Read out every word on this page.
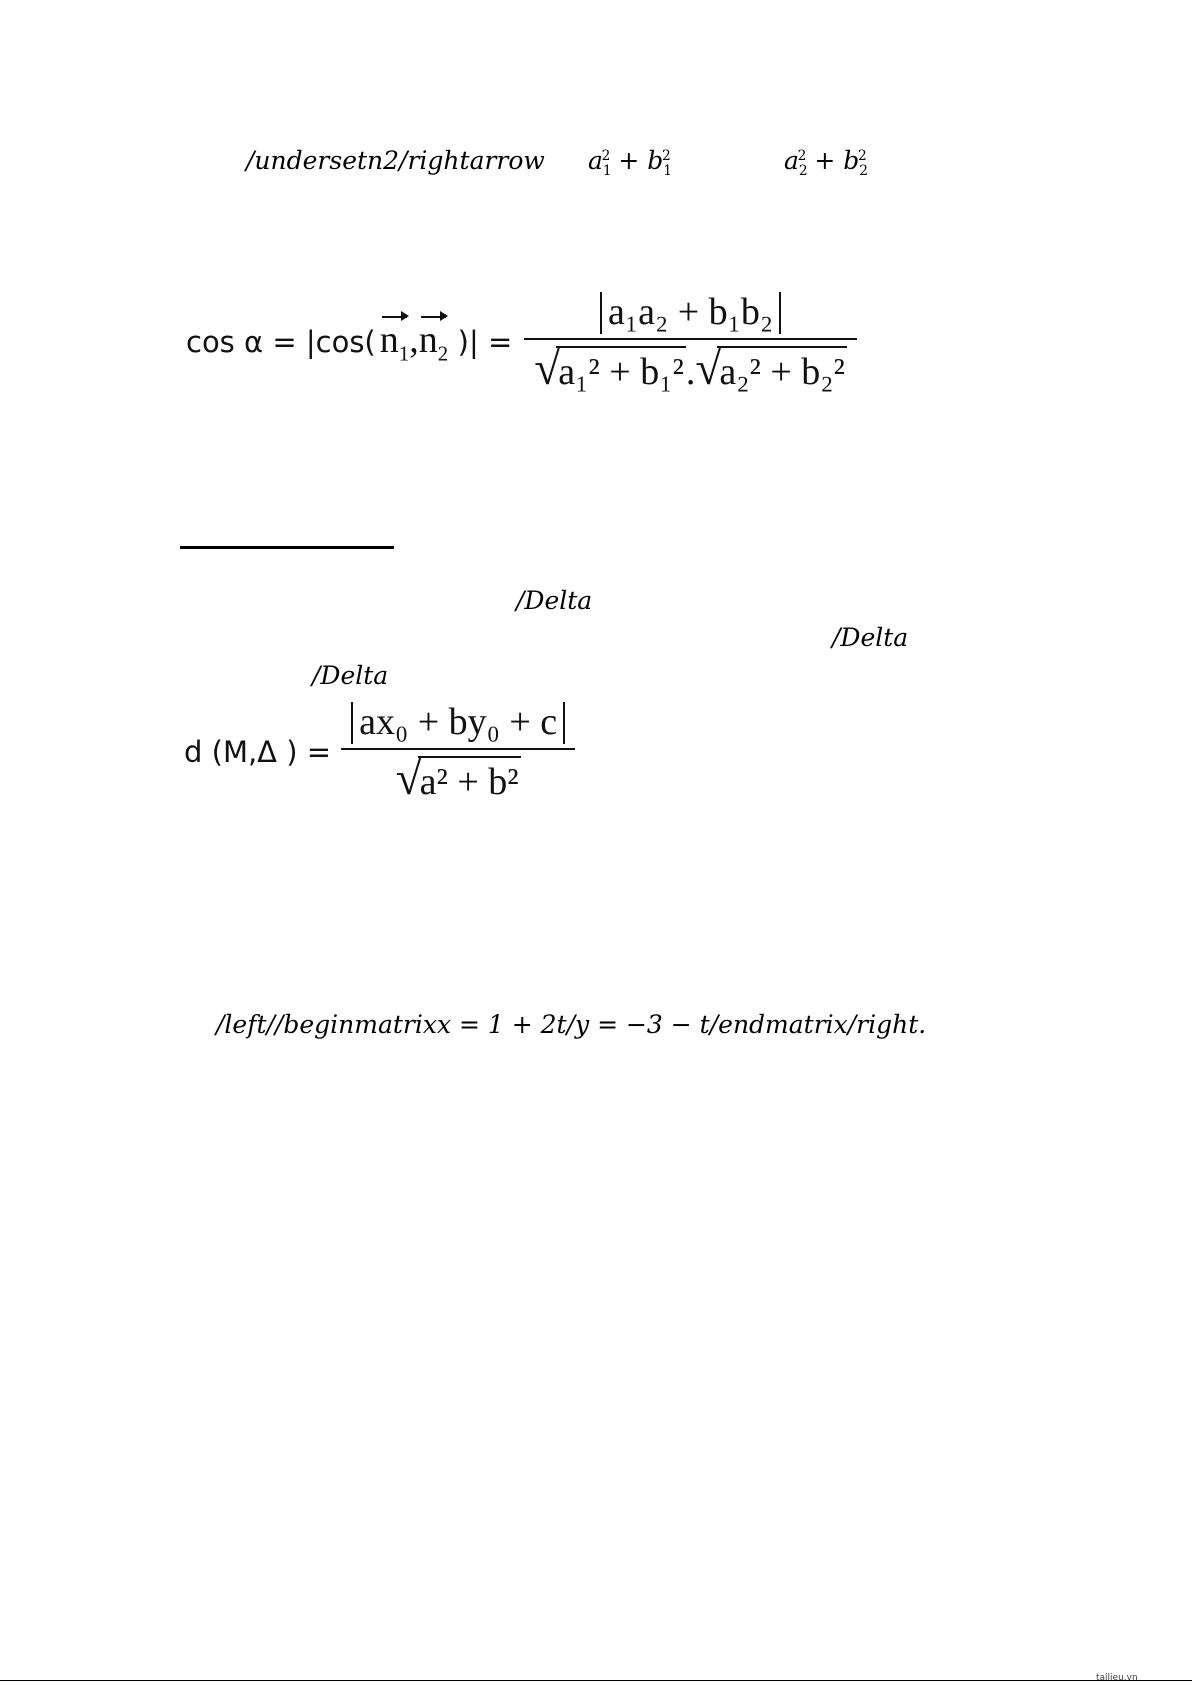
/undersetn2/rightarrow $a_1^2 + b_1^2$	$a_2^2 + b_2^2$
cos α = |cos( $n_1,n_2$ )| = a₁a₂ + b₁b₂
√
a₁² + b₁². √
a₂² + b₂²
/Delta
/Delta
/Delta
d (M,Δ ) = ax₀ + by₀ + c
√
a² + b²
/left//beginmatrixx = 1 + 2t/y = −3 − t/endmatrix/right.
tailieu.vn
